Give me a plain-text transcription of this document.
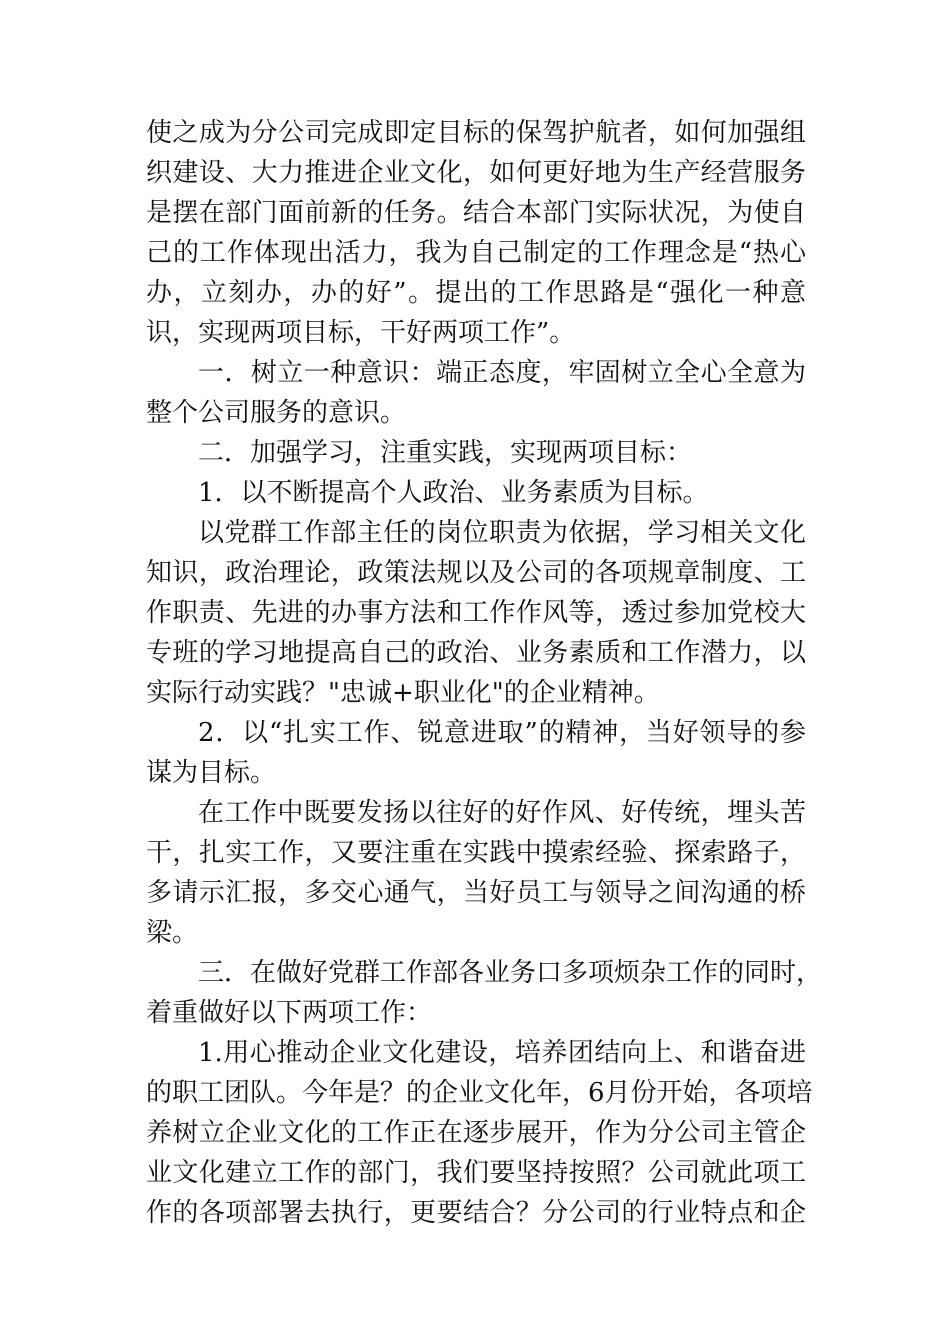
使之成为分公司完成即定目标的保驾护航者，如何加强组
织建设、大力推进企业文化，如何更好地为生产经营服务
是摆在部门面前新的任务。结合本部门实际状况，为使自
己的工作体现出活力，我为自己制定的工作理念是“热心
办，立刻办，办的好”。提出的工作思路是“强化一种意
识，实现两项目标，干好两项工作”。
一．树立一种意识：端正态度，牢固树立全心全意为
整个公司服务的意识。
二．加强学习，注重实践，实现两项目标：
1．以不断提高个人政治、业务素质为目标。
以党群工作部主任的岗位职责为依据，学习相关文化
知识，政治理论，政策法规以及公司的各项规章制度、工
作职责、先进的办事方法和工作作风等，透过参加党校大
专班的学习地提高自己的政治、业务素质和工作潜力，以
实际行动实践？"忠诚+职业化"的企业精神。
2．以“扎实工作、锐意进取”的精神，当好领导的参
谋为目标。
在工作中既要发扬以往好的好作风、好传统，埋头苦
干，扎实工作，又要注重在实践中摸索经验、探索路子，
多请示汇报，多交心通气，当好员工与领导之间沟通的桥
梁。
三．在做好党群工作部各业务口多项烦杂工作的同时，
着重做好以下两项工作：
1.用心推动企业文化建设，培养团结向上、和谐奋进
的职工团队。今年是？的企业文化年，6月份开始，各项培
养树立企业文化的工作正在逐步展开，作为分公司主管企
业文化建立工作的部门，我们要坚持按照？公司就此项工
作的各项部署去执行，更要结合？分公司的行业特点和企
